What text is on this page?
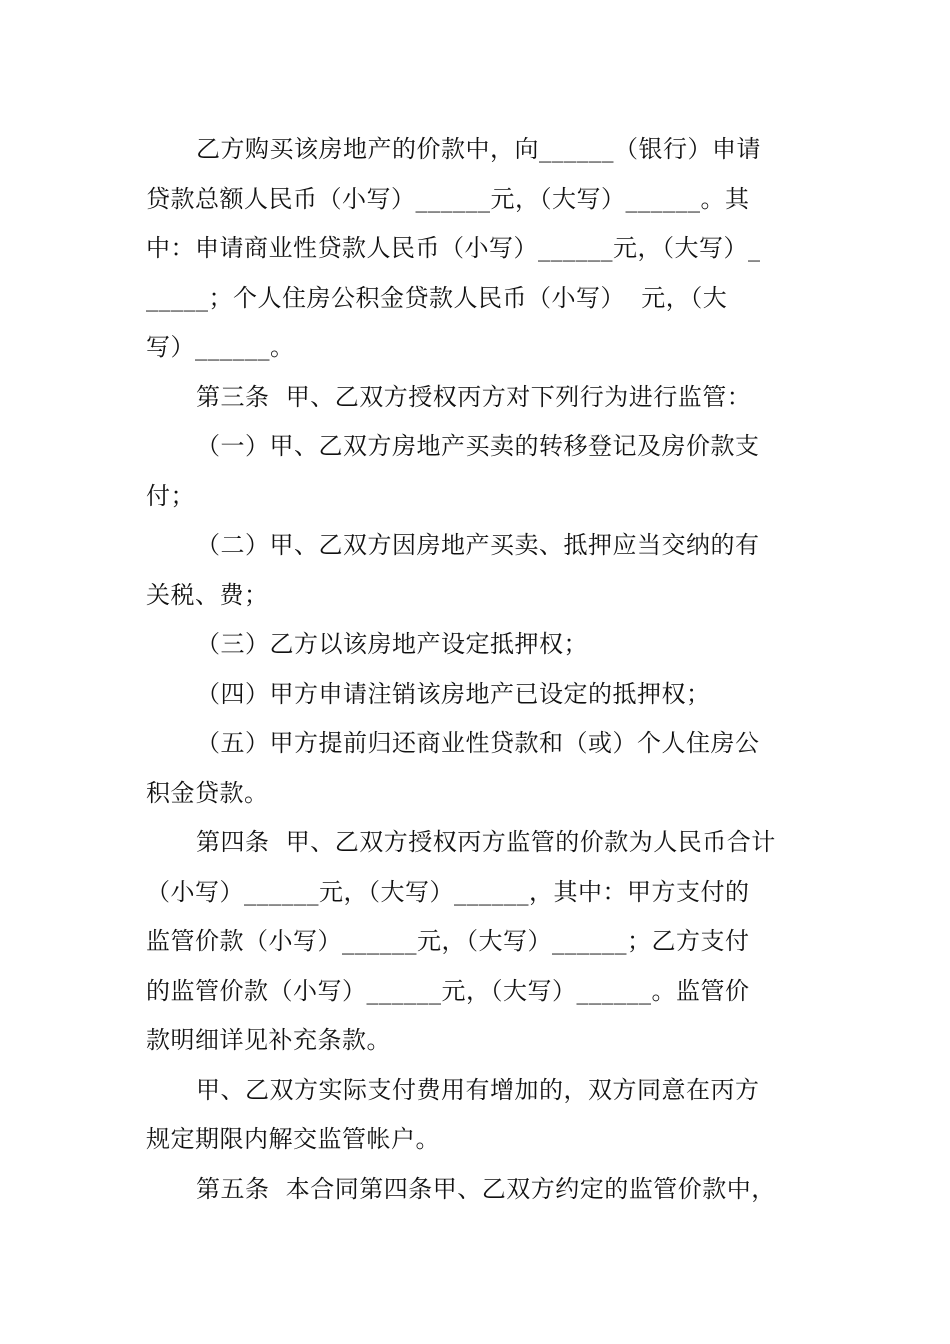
乙方购买该房地产的价款中，向______（银行）申请
贷款总额人民币（小写）______元，（大写）______。其
中：申请商业性贷款人民币（小写）______元，（大写）_
_____；个人住房公积金贷款人民币（小写）  元，（大
写）______。

第三条  甲、乙双方授权丙方对下列行为进行监管：

（一）甲、乙双方房地产买卖的转移登记及房价款支
付；

（二）甲、乙双方因房地产买卖、抵押应当交纳的有
关税、费；

（三）乙方以该房地产设定抵押权；

（四）甲方申请注销该房地产已设定的抵押权；

（五）甲方提前归还商业性贷款和（或）个人住房公
积金贷款。

第四条  甲、乙双方授权丙方监管的价款为人民币合计
（小写）______元，（大写）______，其中：甲方支付的
监管价款（小写）______元，（大写）______；乙方支付
的监管价款（小写）______元，（大写）______。监管价
款明细详见补充条款。

甲、乙双方实际支付费用有增加的，双方同意在丙方
规定期限内解交监管帐户。

第五条  本合同第四条甲、乙双方约定的监管价款中，
